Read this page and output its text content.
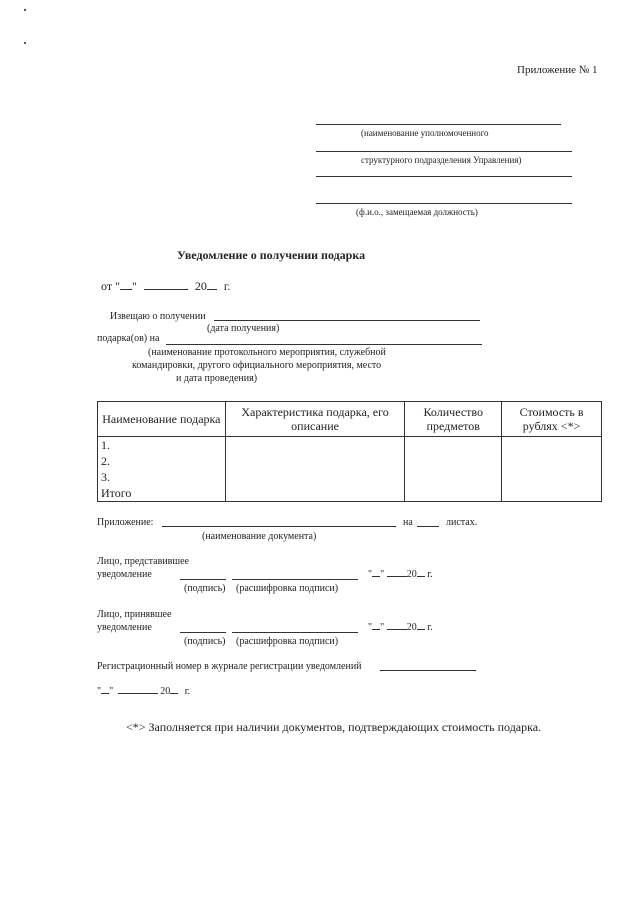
Приложение № 1
(наименование уполномоченного
структурного подразделения Управления)
(ф.и.о., замещаемая должность)
Уведомление о получении подарка
от " "	20 г.
Извещаю о получении
(дата получения)
подарка(ов) на
(наименование протокольного мероприятия, служебной
командировки, другого официального мероприятия, место
и дата проведения)
Наименование подарка	Характеристика подарка, его описание	Количество предметов	Стоимость в рублях <*>

1.
2.
3.
Итого			

Приложение:	на	листах.
(наименование документа)
Лицо, представившее
уведомление	" " 20 г.
(подпись) (расшифровка подписи)
Лицо, принявшее
уведомление	" " 20 г.
(подпись) (расшифровка подписи)
Регистрационный номер в журнале регистрации уведомлений
" "	20 г.
<*> Заполняется при наличии документов, подтверждающих стоимость подарка.
